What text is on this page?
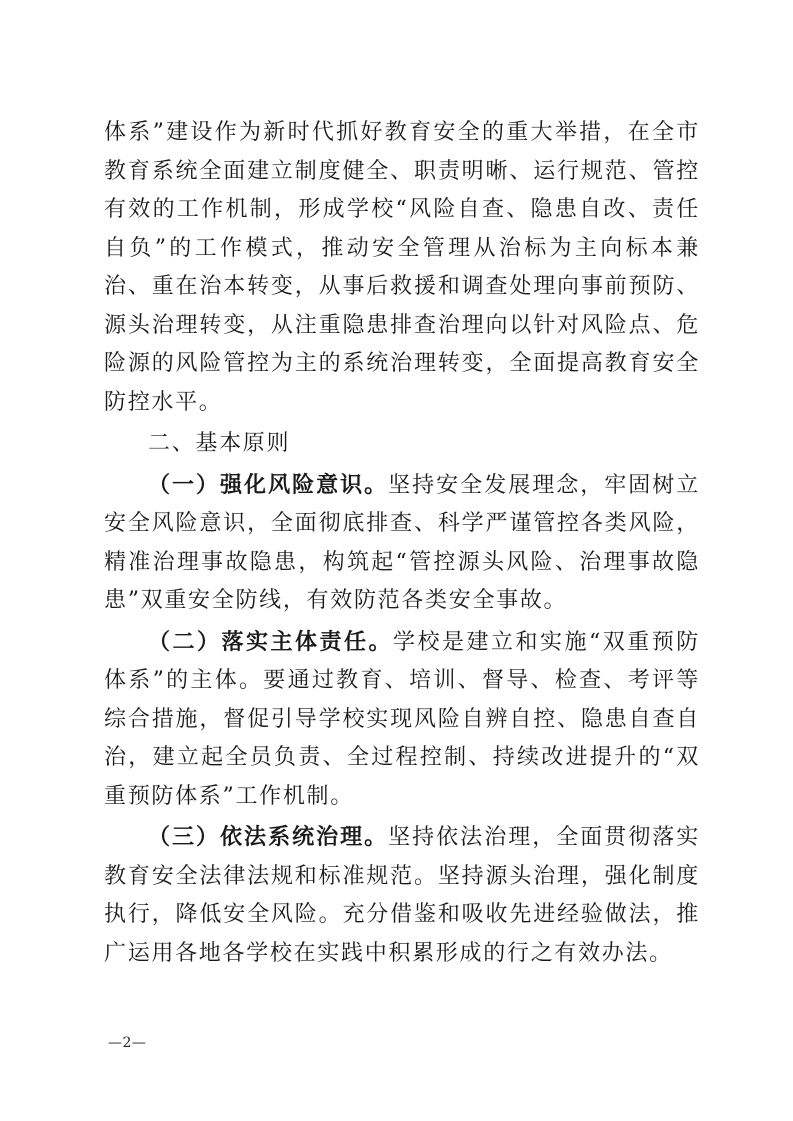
体系”建设作为新时代抓好教育安全的重大举措，在全市教育系统全面建立制度健全、职责明晰、运行规范、管控有效的工作机制，形成学校“风险自查、隐患自改、责任自负”的工作模式，推动安全管理从治标为主向标本兼治、重在治本转变，从事后救援和调查处理向事前预防、源头治理转变，从注重隐患排查治理向以针对风险点、危险源的风险管控为主的系统治理转变，全面提高教育安全防控水平。

二、基本原则

（一）强化风险意识。坚持安全发展理念，牢固树立安全风险意识，全面彻底排查、科学严谨管控各类风险，精准治理事故隐患，构筑起“管控源头风险、治理事故隐患”双重安全防线，有效防范各类安全事故。

（二）落实主体责任。学校是建立和实施“双重预防体系”的主体。要通过教育、培训、督导、检查、考评等综合措施，督促引导学校实现风险自辨自控、隐患自查自治，建立起全员负责、全过程控制、持续改进提升的“双重预防体系”工作机制。

（三）依法系统治理。坚持依法治理，全面贯彻落实教育安全法律法规和标准规范。坚持源头治理，强化制度执行，降低安全风险。充分借鉴和吸收先进经验做法，推广运用各地各学校在实践中积累形成的行之有效办法。

—2—
